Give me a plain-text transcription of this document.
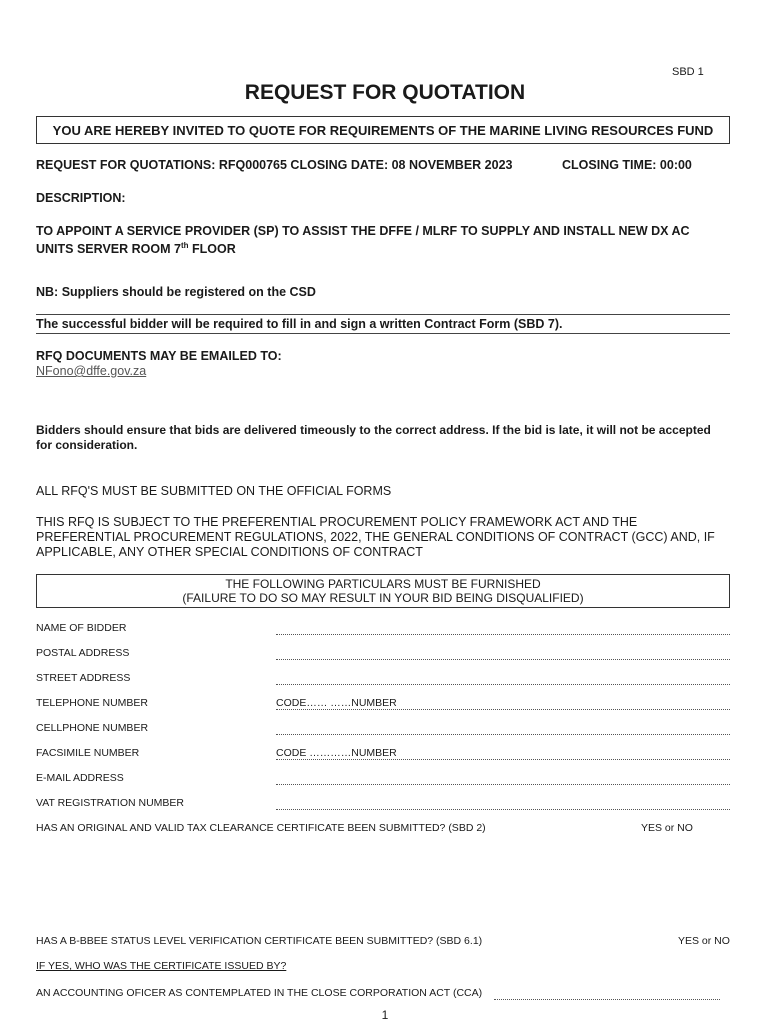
SBD 1
REQUEST FOR QUOTATION
YOU ARE HEREBY INVITED TO QUOTE FOR REQUIREMENTS OF THE MARINE LIVING RESOURCES FUND
REQUEST FOR QUOTATIONS: RFQ000765 CLOSING DATE: 08 NOVEMBER 2023	CLOSING TIME: 00:00
DESCRIPTION:
TO APPOINT A SERVICE PROVIDER (SP) TO ASSIST THE DFFE / MLRF TO SUPPLY AND INSTALL NEW DX AC
UNITS SERVER ROOM 7th FLOOR
NB: Suppliers should be registered on the CSD
The successful bidder will be required to fill in and sign a written Contract Form (SBD 7).
RFQ DOCUMENTS MAY BE EMAILED TO:
NFono@dffe.gov.za
Bidders should ensure that bids are delivered timeously to the correct address. If the bid is late, it will not be accepted for consideration.
ALL RFQ'S MUST BE SUBMITTED ON THE OFFICIAL FORMS
THIS RFQ IS SUBJECT TO THE PREFERENTIAL PROCUREMENT POLICY FRAMEWORK ACT AND THE PREFERENTIAL PROCUREMENT REGULATIONS, 2022, THE GENERAL CONDITIONS OF CONTRACT (GCC) AND, IF APPLICABLE, ANY OTHER SPECIAL CONDITIONS OF CONTRACT
THE FOLLOWING PARTICULARS MUST BE FURNISHED
(FAILURE TO DO SO MAY RESULT IN YOUR BID BEING DISQUALIFIED)
NAME OF BIDDER
POSTAL ADDRESS
STREET ADDRESS
TELEPHONE NUMBER	CODE…… ……NUMBER
CELLPHONE NUMBER
FACSIMILE NUMBER	CODE …………NUMBER
E-MAIL ADDRESS
VAT REGISTRATION NUMBER
HAS AN ORIGINAL AND VALID TAX CLEARANCE CERTIFICATE BEEN SUBMITTED? (SBD 2)	YES or NO
HAS A B-BBEE STATUS LEVEL VERIFICATION CERTIFICATE BEEN SUBMITTED? (SBD 6.1)	YES or NO
IF YES, WHO WAS THE CERTIFICATE ISSUED BY?
AN ACCOUNTING OFICER AS CONTEMPLATED IN THE CLOSE CORPORATION ACT (CCA)
1
